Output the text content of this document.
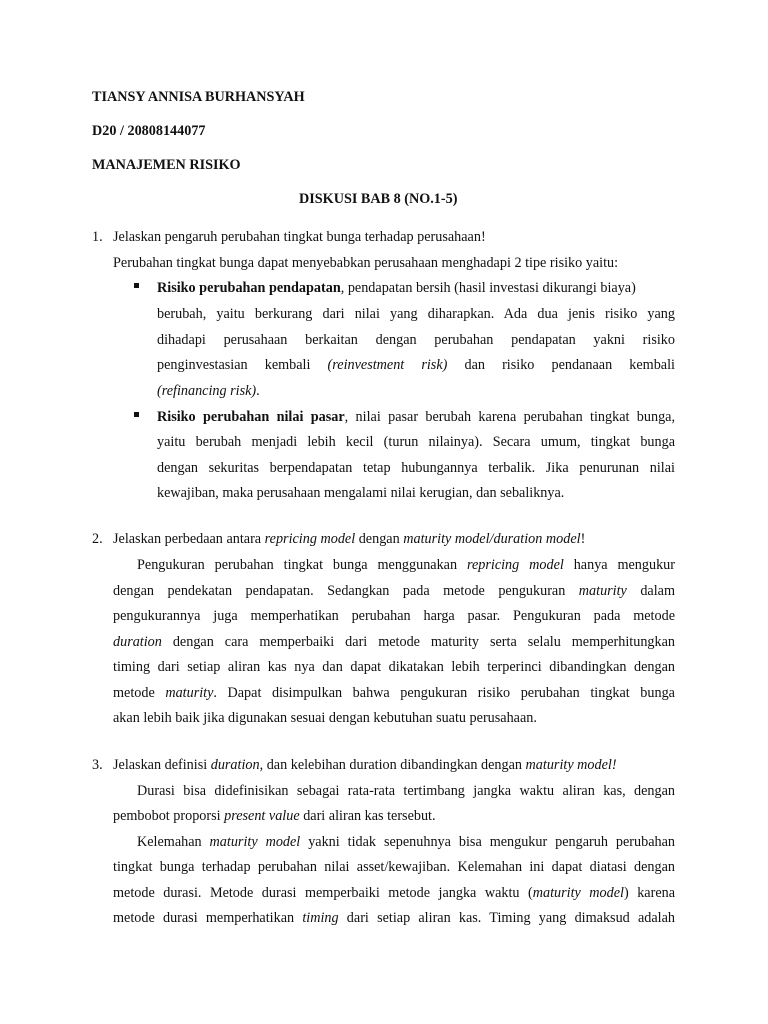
TIANSY ANNISA BURHANSYAH
D20 / 20808144077
MANAJEMEN RISIKO
DISKUSI BAB 8 (NO.1-5)
1. Jelaskan pengaruh perubahan tingkat bunga terhadap perusahaan!
Perubahan tingkat bunga dapat menyebabkan perusahaan menghadapi 2 tipe risiko yaitu:
Risiko perubahan pendapatan, pendapatan bersih (hasil investasi dikurangi biaya)
berubah, yaitu berkurang dari nilai yang diharapkan. Ada dua jenis risiko yang
dihadapi perusahaan berkaitan dengan perubahan pendapatan yakni risiko
penginvestasian kembali (reinvestment risk) dan risiko pendanaan kembali
(refinancing risk).
Risiko perubahan nilai pasar, nilai pasar berubah karena perubahan tingkat bunga,
yaitu berubah menjadi lebih kecil (turun nilainya). Secara umum, tingkat bunga
dengan sekuritas berpendapatan tetap hubungannya terbalik. Jika penurunan nilai
kewajiban, maka perusahaan mengalami nilai kerugian, dan sebaliknya.
2. Jelaskan perbedaan antara repricing model dengan maturity model/duration model!
Pengukuran perubahan tingkat bunga menggunakan repricing model hanya mengukur
dengan pendekatan pendapatan. Sedangkan pada metode pengukuran maturity dalam
pengukurannya juga memperhatikan perubahan harga pasar. Pengukuran pada metode
duration dengan cara memperbaiki dari metode maturity serta selalu memperhitungkan
timing dari setiap aliran kas nya dan dapat dikatakan lebih terperinci dibandingkan dengan
metode maturity. Dapat disimpulkan bahwa pengukuran risiko perubahan tingkat bunga
akan lebih baik jika digunakan sesuai dengan kebutuhan suatu perusahaan.
3. Jelaskan definisi duration, dan kelebihan duration dibandingkan dengan maturity model!
Durasi bisa didefinisikan sebagai rata-rata tertimbang jangka waktu aliran kas, dengan
pembobot proporsi present value dari aliran kas tersebut.
Kelemahan maturity model yakni tidak sepenuhnya bisa mengukur pengaruh perubahan
tingkat bunga terhadap perubahan nilai asset/kewajiban. Kelemahan ini dapat diatasi dengan
metode durasi. Metode durasi memperbaiki metode jangka waktu (maturity model) karena
metode durasi memperhatikan timing dari setiap aliran kas. Timing yang dimaksud adalah
